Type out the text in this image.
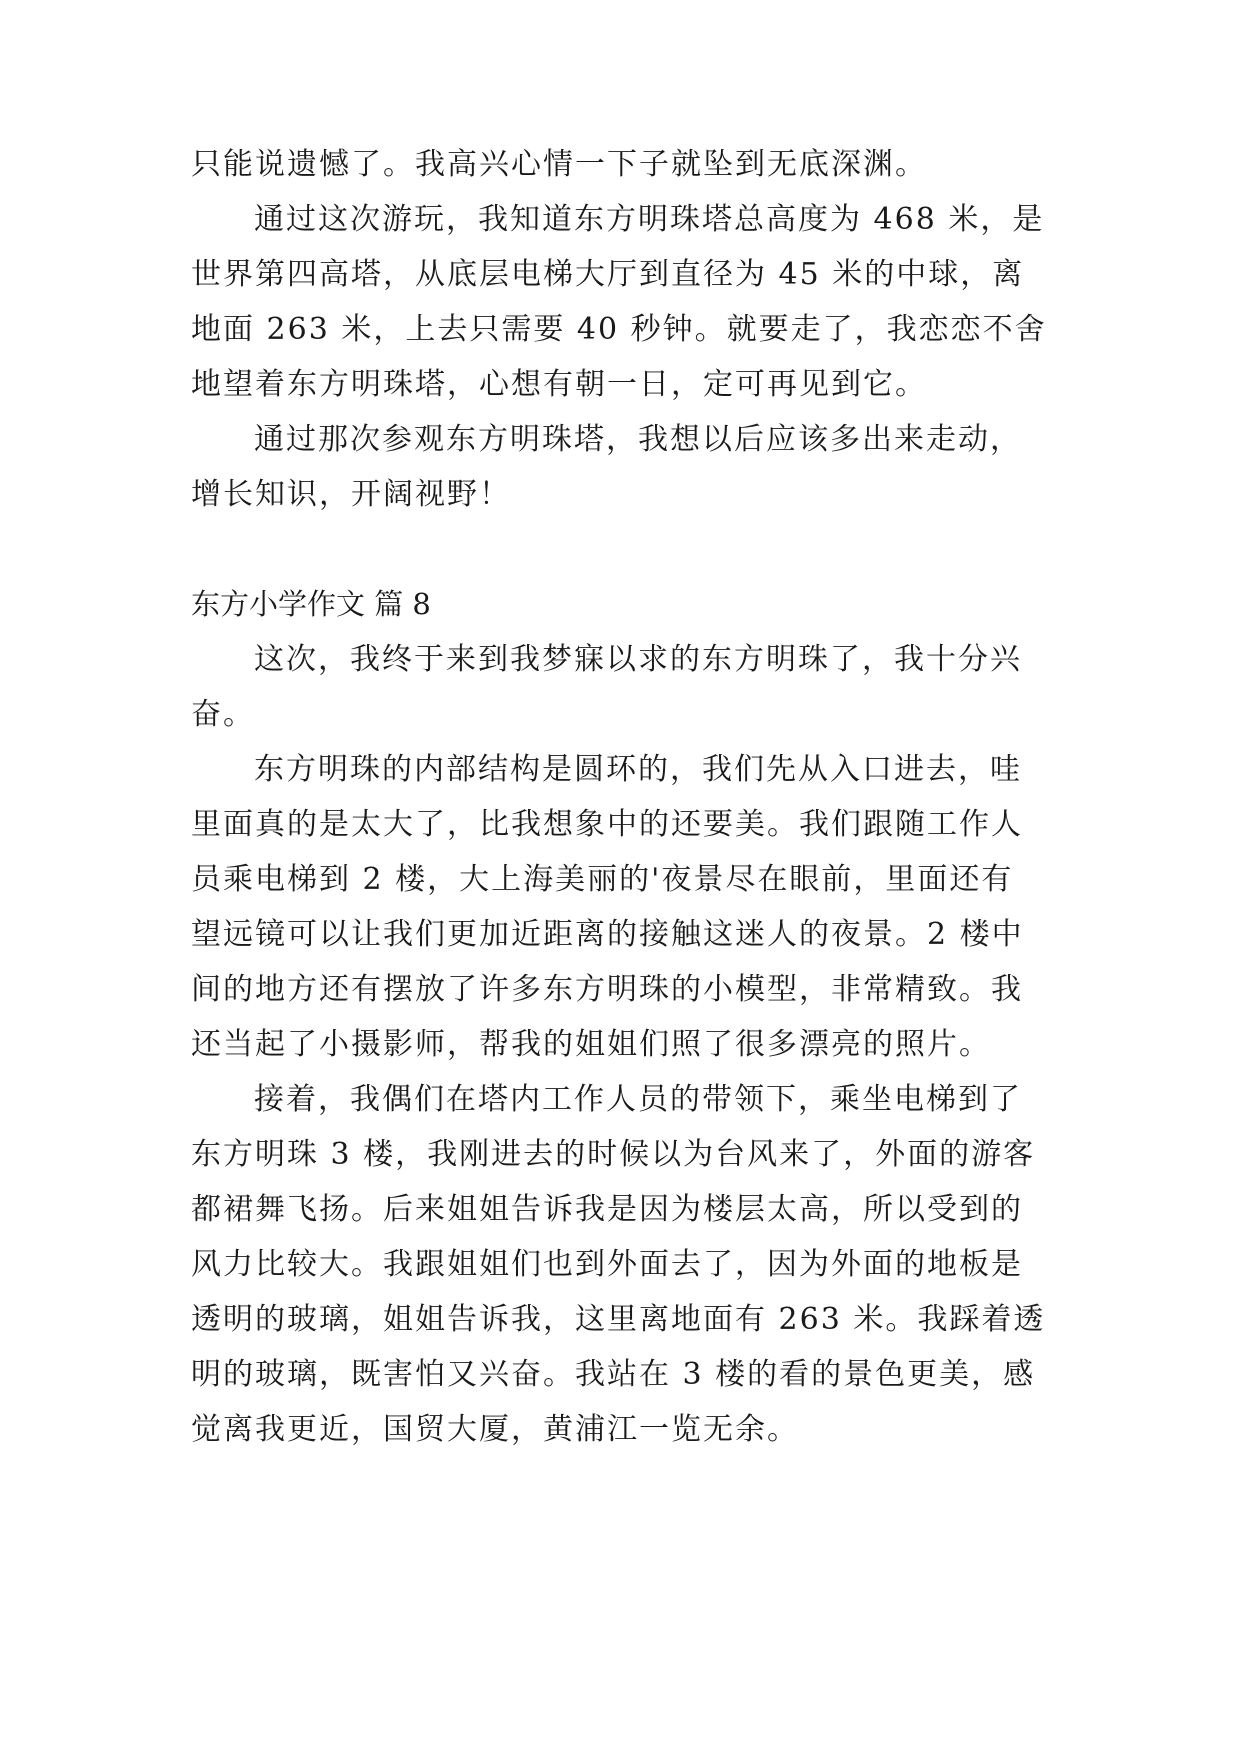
只能说遗憾了。我高兴心情一下子就坠到无底深渊。
通过这次游玩，我知道东方明珠塔总高度为 468 米，是
世界第四高塔，从底层电梯大厅到直径为 45 米的中球，离
地面 263 米，上去只需要 40 秒钟。就要走了，我恋恋不舍
地望着东方明珠塔，心想有朝一日，定可再见到它。
通过那次参观东方明珠塔，我想以后应该多出来走动，
增长知识，开阔视野！
东方小学作文 篇 8
这次，我终于来到我梦寐以求的东方明珠了，我十分兴
奋。
东方明珠的内部结构是圆环的，我们先从入口进去，哇
里面真的是太大了，比我想象中的还要美。我们跟随工作人
员乘电梯到 2 楼，大上海美丽的'夜景尽在眼前，里面还有
望远镜可以让我们更加近距离的接触这迷人的夜景。2 楼中
间的地方还有摆放了许多东方明珠的小模型，非常精致。我
还当起了小摄影师，帮我的姐姐们照了很多漂亮的照片。
接着，我偶们在塔内工作人员的带领下，乘坐电梯到了
东方明珠 3 楼，我刚进去的时候以为台风来了，外面的游客
都裙舞飞扬。后来姐姐告诉我是因为楼层太高，所以受到的
风力比较大。我跟姐姐们也到外面去了，因为外面的地板是
透明的玻璃，姐姐告诉我，这里离地面有 263 米。我踩着透
明的玻璃，既害怕又兴奋。我站在 3 楼的看的景色更美，感
觉离我更近，国贸大厦，黄浦江一览无余。
